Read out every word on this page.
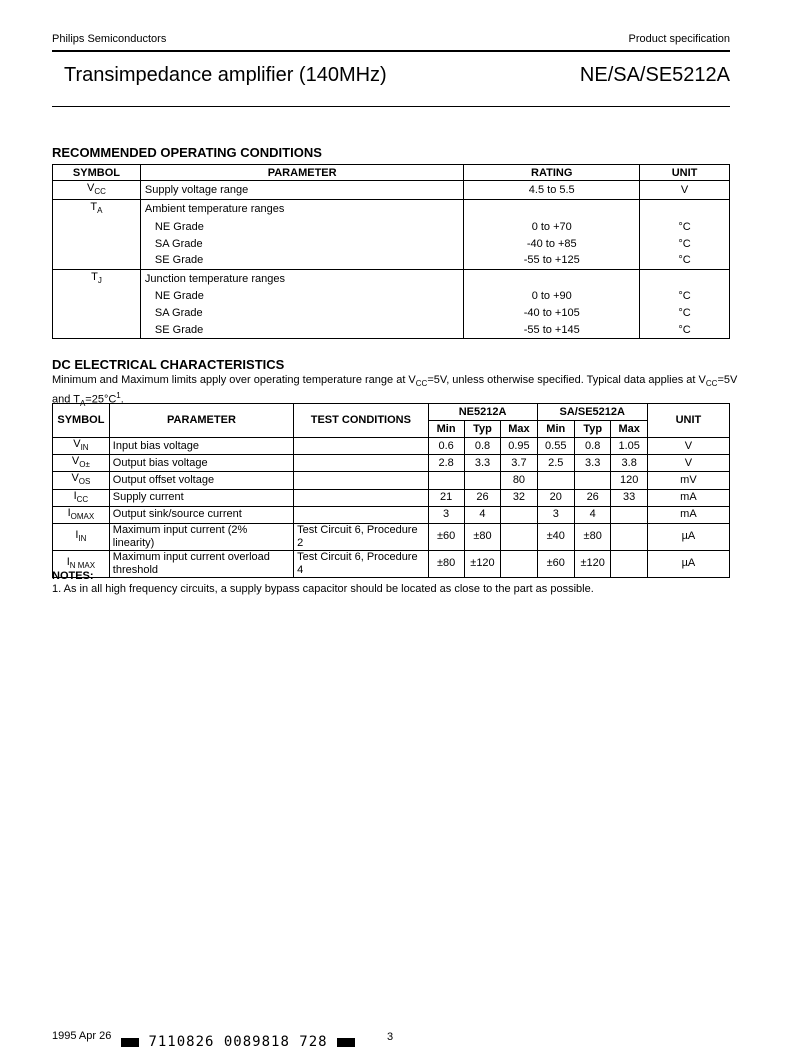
Philips Semiconductors	Product specification
Transimpedance amplifier (140MHz)	NE/SA/SE5212A
RECOMMENDED OPERATING CONDITIONS
SYMBOL	PARAMETER	RATING	UNIT
$V_{CC}$	Supply voltage range	4.5 to 5.5	V
$T_A$	Ambient temperature ranges		
	NE Grade	0 to +70	°C
	SA Grade	-40 to +85	°C
	SE Grade	-55 to +125	°C
$T_J$	Junction temperature ranges		
	NE Grade	0 to +90	°C
	SA Grade	-40 to +105	°C
	SE Grade	-55 to +145	°C
DC ELECTRICAL CHARACTERISTICS
Minimum and Maximum limits apply over operating temperature range at $V_{CC}=5V$, unless otherwise specified. Typical data applies at $V_{CC}=5V$
and $T_A=25^\circ C^1$.
SYMBOL	PARAMETER	TEST CONDITIONS	NE5212A			SA/SE5212A			UNIT
			Min	Typ	Max	Min	Typ	Max	
$V_{IN}$	Input bias voltage		0.6	0.8	0.95	0.55	0.8	1.05	V
$V_{O\pm}$	Output bias voltage		2.8	3.3	3.7	2.5	3.3	3.8	V
$V_{OS}$	Output offset voltage				80			120	mV
$I_{CC}$	Supply current		21	26	32	20	26	33	mA
$I_{OMAX}$	Output sink/source current		3	4		3	4		mA
$I_{IN}$	Maximum input current (2% linearity)	Test Circuit 6, Procedure 2	±60	±80		±40	±80		µA
$I_{N MAX}$	Maximum input current overload threshold	Test Circuit 6, Procedure 4	±80	±120		±60	±120		µA
NOTES:
1. As in all high frequency circuits, a supply bypass capacitor should be located as close to the part as possible.
1995 Apr 26	7110826 0089818 728	3
